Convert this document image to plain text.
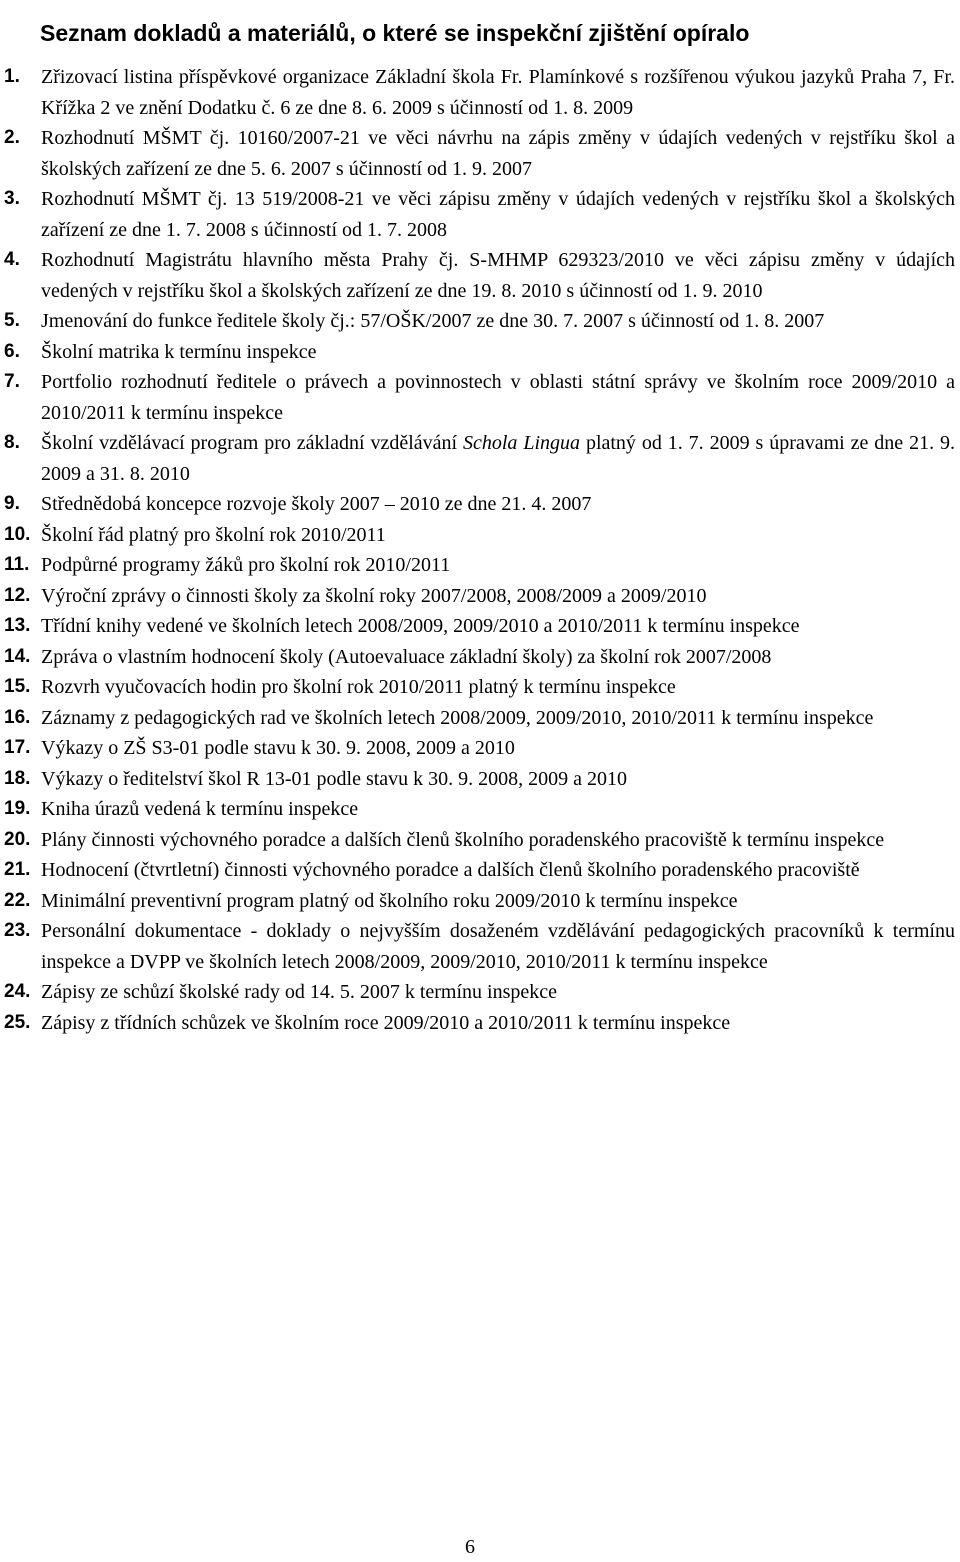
Seznam dokladů a materiálů, o které se inspekční zjištění opíralo
1.	Zřizovací listina příspěvkové organizace Základní škola Fr. Plamínkové s rozšířenou výukou jazyků Praha 7, Fr. Křížka 2 ve znění Dodatku č. 6 ze dne 8. 6. 2009 s účinností od 1. 8. 2009
2.	Rozhodnutí MŠMT čj. 10160/2007-21 ve věci návrhu na zápis změny v údajích vedených v rejstříku škol a školských zařízení ze dne 5. 6. 2007 s účinností od 1. 9. 2007
3.	Rozhodnutí MŠMT čj. 13 519/2008-21 ve věci zápisu změny v údajích vedených v rejstříku škol a školských zařízení ze dne 1. 7. 2008 s účinností od 1. 7. 2008
4.	Rozhodnutí Magistrátu hlavního města Prahy čj. S-MHMP 629323/2010 ve věci zápisu změny v údajích vedených v rejstříku škol a školských zařízení ze dne 19. 8. 2010 s účinností od 1. 9. 2010
5.	Jmenování do funkce ředitele školy čj.: 57/OŠK/2007 ze dne 30. 7. 2007 s účinností od 1. 8. 2007
6.	Školní matrika k termínu inspekce
7.	Portfolio rozhodnutí ředitele o právech a povinnostech v oblasti státní správy ve školním roce 2009/2010 a 2010/2011 k termínu inspekce
8.	Školní vzdělávací program pro základní vzdělávání Schola Lingua platný od 1. 7. 2009 s úpravami ze dne 21. 9. 2009 a 31. 8. 2010
9.	Střednědobá koncepce rozvoje školy 2007 – 2010 ze dne 21. 4. 2007
10. Školní řád platný pro školní rok 2010/2011
11. Podpůrné programy žáků pro školní rok 2010/2011
12. Výroční zprávy o činnosti školy za školní roky 2007/2008, 2008/2009 a 2009/2010
13. Třídní knihy vedené ve školních letech 2008/2009, 2009/2010 a 2010/2011 k termínu inspekce
14. Zpráva o vlastním hodnocení školy (Autoevaluace základní školy) za školní rok 2007/2008
15. Rozvrh vyučovacích hodin pro školní rok 2010/2011 platný k termínu inspekce
16. Záznamy z pedagogických rad ve školních letech 2008/2009, 2009/2010, 2010/2011 k termínu inspekce
17. Výkazy o ZŠ S3-01 podle stavu k 30. 9. 2008, 2009 a 2010
18. Výkazy o ředitelství škol R 13-01 podle stavu k 30. 9. 2008, 2009 a 2010
19. Kniha úrazů vedená k termínu inspekce
20. Plány činnosti výchovného poradce a dalších členů školního poradenského pracoviště k termínu inspekce
21. Hodnocení (čtvrtletní) činnosti výchovného poradce a dalších členů školního poradenského pracoviště
22. Minimální preventivní program platný od školního roku 2009/2010 k termínu inspekce
23. Personální dokumentace - doklady o nejvyšším dosaženém vzdělávání pedagogických pracovníků k termínu inspekce a DVPP ve školních letech 2008/2009, 2009/2010, 2010/2011 k termínu inspekce
24. Zápisy ze schůzí školské rady od 14. 5. 2007 k termínu inspekce
25. Zápisy z třídních schůzek ve školním roce 2009/2010 a 2010/2011 k termínu inspekce
6
